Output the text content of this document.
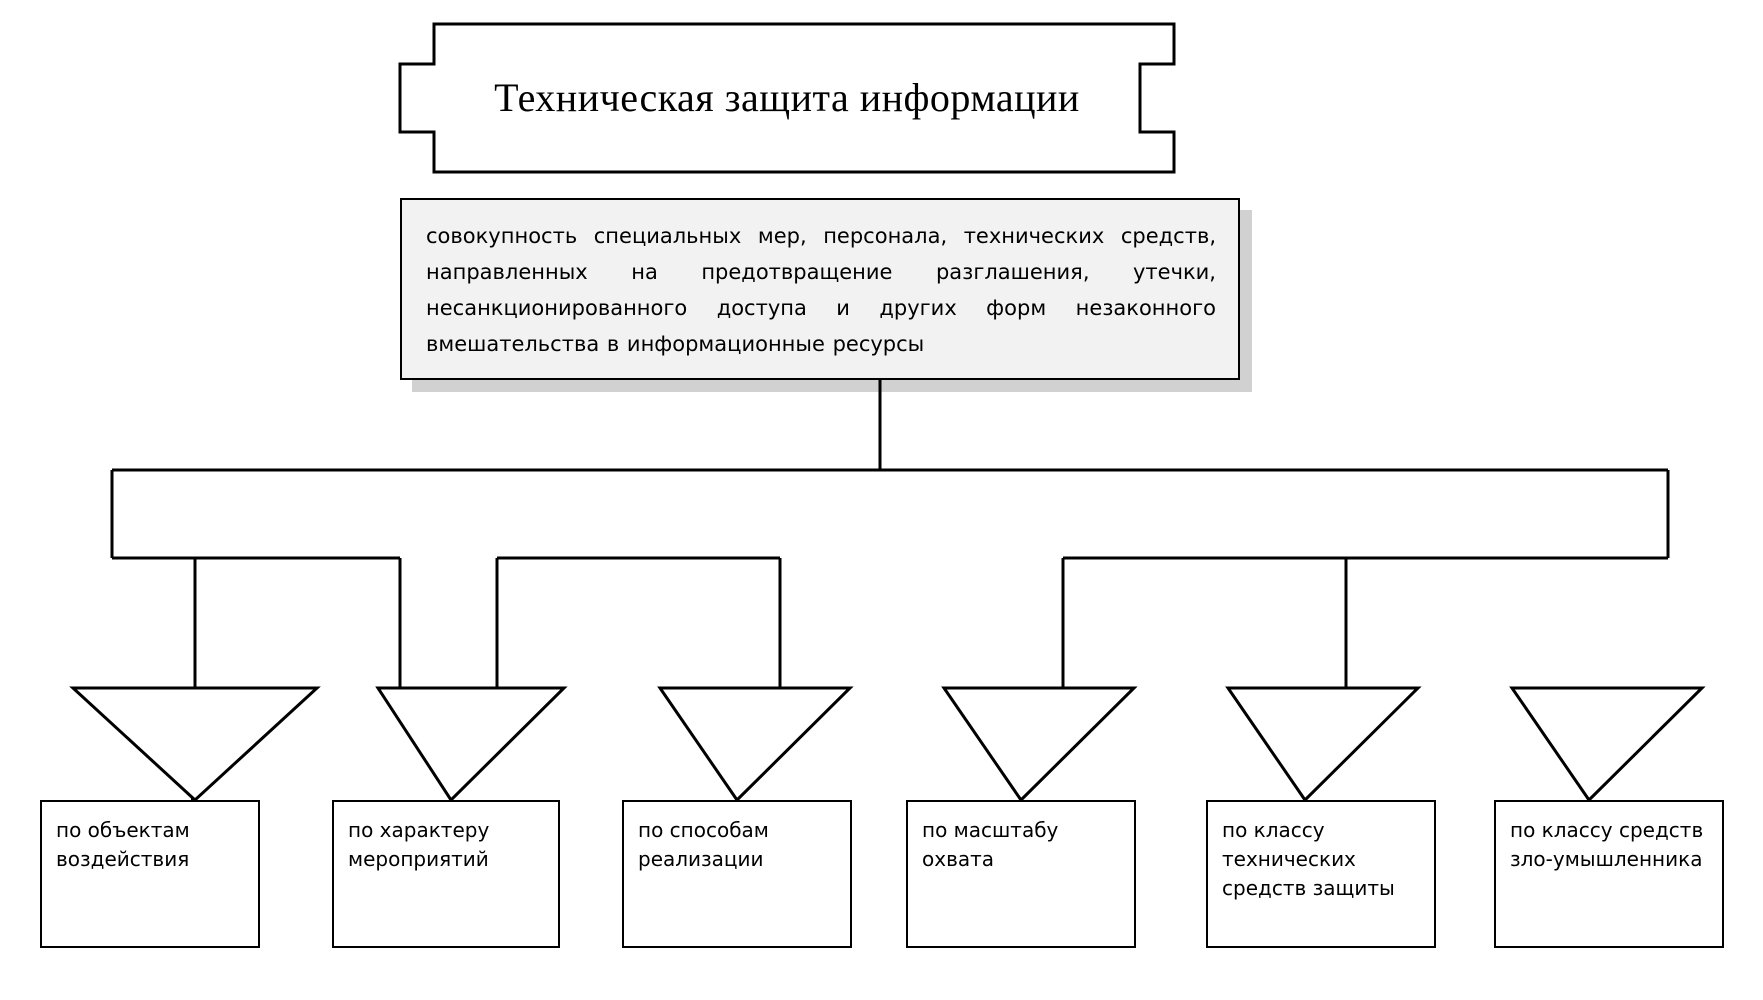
Техническая защита информации
совокупность специальных мер, персонала, технических средств, направленных на предотвращение разглашения, утечки, несанкционированного доступа и других форм незаконного вмешательства в информационные ресурсы
по объектам воздействия
по характеру мероприятий
по способам реализации
по масштабу охвата
по классу технических средств защиты
по классу средств зло-умышленника
